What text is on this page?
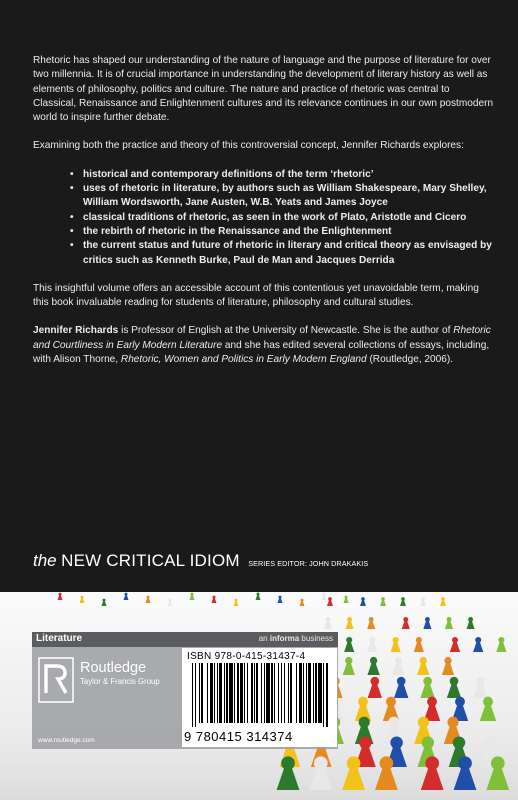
Rhetoric has shaped our understanding of the nature of language and the purpose of literature for over two millennia. It is of crucial importance in understanding the development of literary history as well as elements of philosophy, politics and culture. The nature and practice of rhetoric was central to Classical, Renaissance and Enlightenment cultures and its relevance continues in our own postmodern world to inspire further debate.

Examining both the practice and theory of this controversial concept, Jennifer Richards explores:

• historical and contemporary definitions of the term ‘rhetoric’
• uses of rhetoric in literature, by authors such as William Shakespeare, Mary Shelley, William Wordsworth, Jane Austen, W.B. Yeats and James Joyce
• classical traditions of rhetoric, as seen in the work of Plato, Aristotle and Cicero
• the rebirth of rhetoric in the Renaissance and the Enlightenment
• the current status and future of rhetoric in literary and critical theory as envisaged by critics such as Kenneth Burke, Paul de Man and Jacques Derrida

This insightful volume offers an accessible account of this contentious yet unavoidable term, making this book invaluable reading for students of literature, philosophy and cultural studies.

Jennifer Richards is Professor of English at the University of Newcastle. She is the author of Rhetoric and Courtliness in Early Modern Literature and she has edited several collections of essays, including, with Alison Thorne, Rhetoric, Women and Politics in Early Modern England (Routledge, 2006).

the NEW CRITICAL IDIOM SERIES EDITOR: JOHN DRAKAKIS
Literature	an informa business
Routledge
Taylor & Francis Group
www.routledge.com
ISBN 978-0-415-31437-4
9 780415 314374
